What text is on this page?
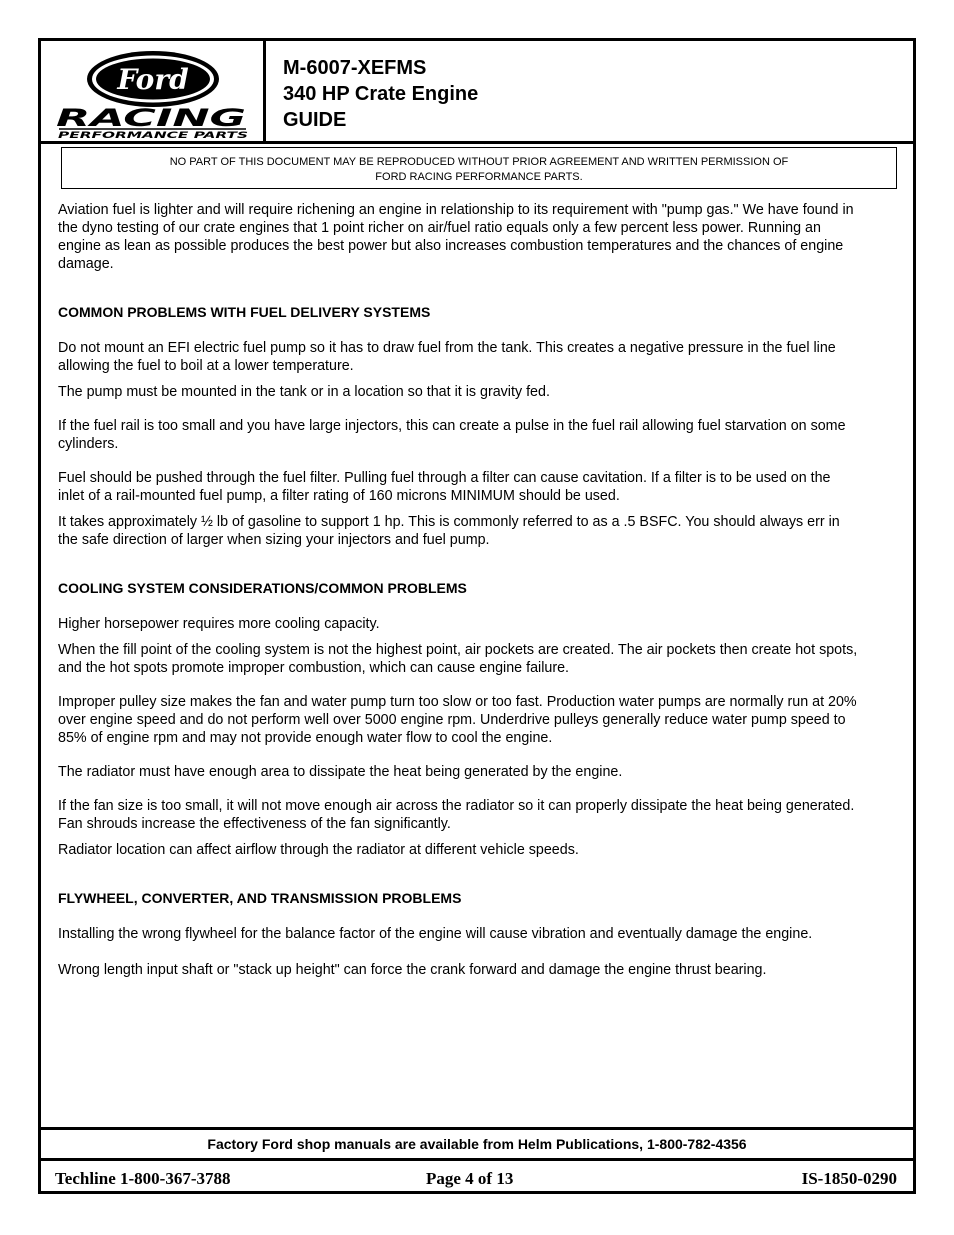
Ford
RACING
PERFORMANCE PARTS
M-6007-XEFMS
340 HP Crate Engine
GUIDE
NO PART OF THIS DOCUMENT MAY BE REPRODUCED WITHOUT PRIOR AGREEMENT AND WRITTEN PERMISSION OF
FORD RACING PERFORMANCE PARTS.

Aviation fuel is lighter and will require richening an engine in relationship to its requirement with "pump gas." We have found in the dyno testing of our crate engines that 1 point richer on air/fuel ratio equals only a few percent less power. Running an engine as lean as possible produces the best power but also increases combustion temperatures and the chances of engine damage.

COMMON PROBLEMS WITH FUEL DELIVERY SYSTEMS

Do not mount an EFI electric fuel pump so it has to draw fuel from the tank. This creates a negative pressure in the fuel line allowing the fuel to boil at a lower temperature.

The pump must be mounted in the tank or in a location so that it is gravity fed.

If the fuel rail is too small and you have large injectors, this can create a pulse in the fuel rail allowing fuel starvation on some cylinders.

Fuel should be pushed through the fuel filter. Pulling fuel through a filter can cause cavitation. If a filter is to be used on the inlet of a rail-mounted fuel pump, a filter rating of 160 microns MINIMUM should be used.

It takes approximately ½ lb of gasoline to support 1 hp. This is commonly referred to as a .5 BSFC. You should always err in the safe direction of larger when sizing your injectors and fuel pump.

COOLING SYSTEM CONSIDERATIONS/COMMON PROBLEMS

Higher horsepower requires more cooling capacity.

When the fill point of the cooling system is not the highest point, air pockets are created. The air pockets then create hot spots, and the hot spots promote improper combustion, which can cause engine failure.

Improper pulley size makes the fan and water pump turn too slow or too fast. Production water pumps are normally run at 20% over engine speed and do not perform well over 5000 engine rpm. Underdrive pulleys generally reduce water pump speed to 85% of engine rpm and may not provide enough water flow to cool the engine.

The radiator must have enough area to dissipate the heat being generated by the engine.

If the fan size is too small, it will not move enough air across the radiator so it can properly dissipate the heat being generated. Fan shrouds increase the effectiveness of the fan significantly.

Radiator location can affect airflow through the radiator at different vehicle speeds.

FLYWHEEL, CONVERTER, AND TRANSMISSION PROBLEMS

Installing the wrong flywheel for the balance factor of the engine will cause vibration and eventually damage the engine.

Wrong length input shaft or "stack up height" can force the crank forward and damage the engine thrust bearing.

Factory Ford shop manuals are available from Helm Publications, 1-800-782-4356
Techline 1-800-367-3788	Page 4 of 13	IS-1850-0290
